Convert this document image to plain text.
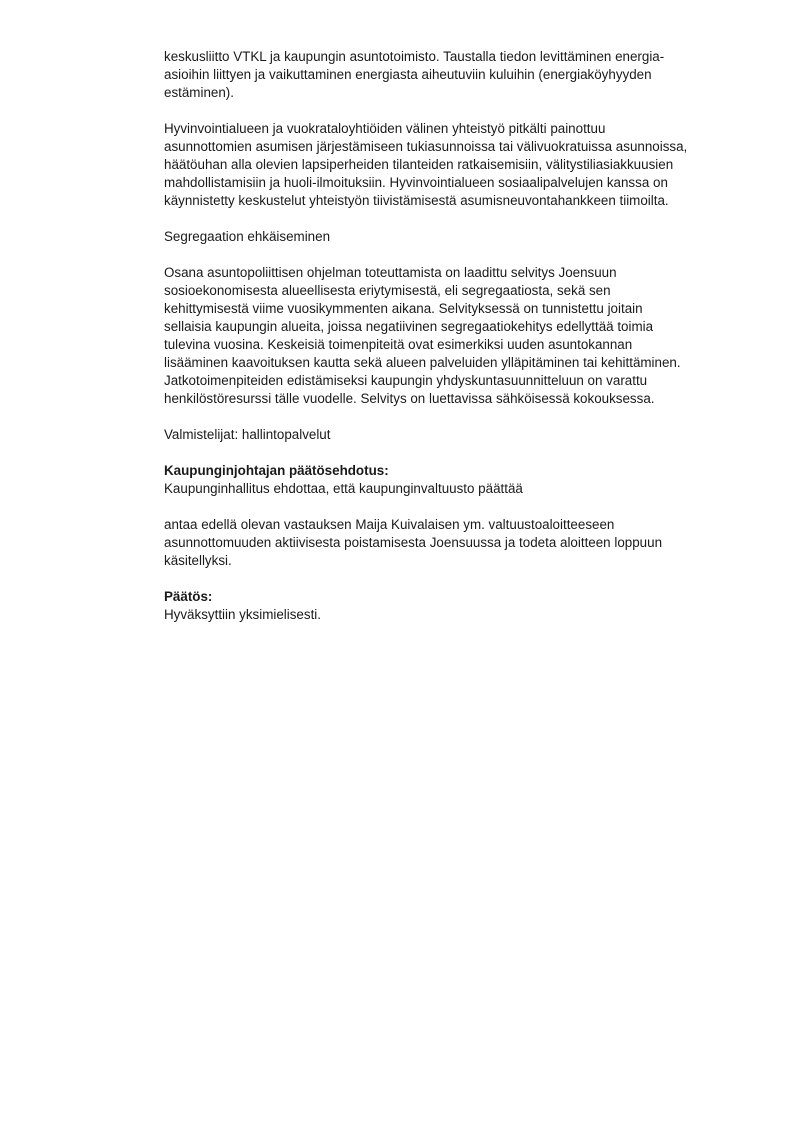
keskusliitto VTKL ja kaupungin asuntotoimisto. Taustalla tiedon levittäminen energia-
asioihin liittyen ja vaikuttaminen energiasta aiheutuviin kuluihin (energiaköyhyyden
estäminen).
Hyvinvointialueen ja vuokrataloyhtiöiden välinen yhteistyö pitkälti painottuu
asunnottomien asumisen järjestämiseen tukiasunnoissa tai välivuokratuissa asunnoissa,
häätöuhan alla olevien lapsiperheiden tilanteiden ratkaisemisiin, välitystiliasiakkuusien
mahdollistamisiin ja huoli-ilmoituksiin. Hyvinvointialueen sosiaalipalvelujen kanssa on
käynnistetty keskustelut yhteistyön tiivistämisestä asumisneuvontahankkeen tiimoilta.
Segregaation ehkäiseminen
Osana asuntopoliittisen ohjelman toteuttamista on laadittu selvitys Joensuun
sosioekonomisesta alueellisesta eriytymisestä, eli segregaatiosta, sekä sen
kehittymisestä viime vuosikymmenten aikana. Selvityksessä on tunnistettu joitain
sellaisia kaupungin alueita, joissa negatiivinen segregaatiokehitys edellyttää toimia
tulevina vuosina. Keskeisiä toimenpiteitä ovat esimerkiksi uuden asuntokannan
lisääminen kaavoituksen kautta sekä alueen palveluiden ylläpitäminen tai kehittäminen.
Jatkotoimenpiteiden edistämiseksi kaupungin yhdyskuntasuunnitteluun on varattu
henkilöstöresurssi tälle vuodelle. Selvitys on luettavissa sähköisessä kokouksessa.
Valmistelijat: hallintopalvelut
Kaupunginjohtajan päätösehdotus:
Kaupunginhallitus ehdottaa, että kaupunginvaltuusto päättää
antaa edellä olevan vastauksen Maija Kuivalaisen ym. valtuustoaloitteeseen
asunnottomuuden aktiivisesta poistamisesta Joensuussa ja todeta aloitteen loppuun
käsitellyksi.
Päätös:
Hyväksyttiin yksimielisesti.
